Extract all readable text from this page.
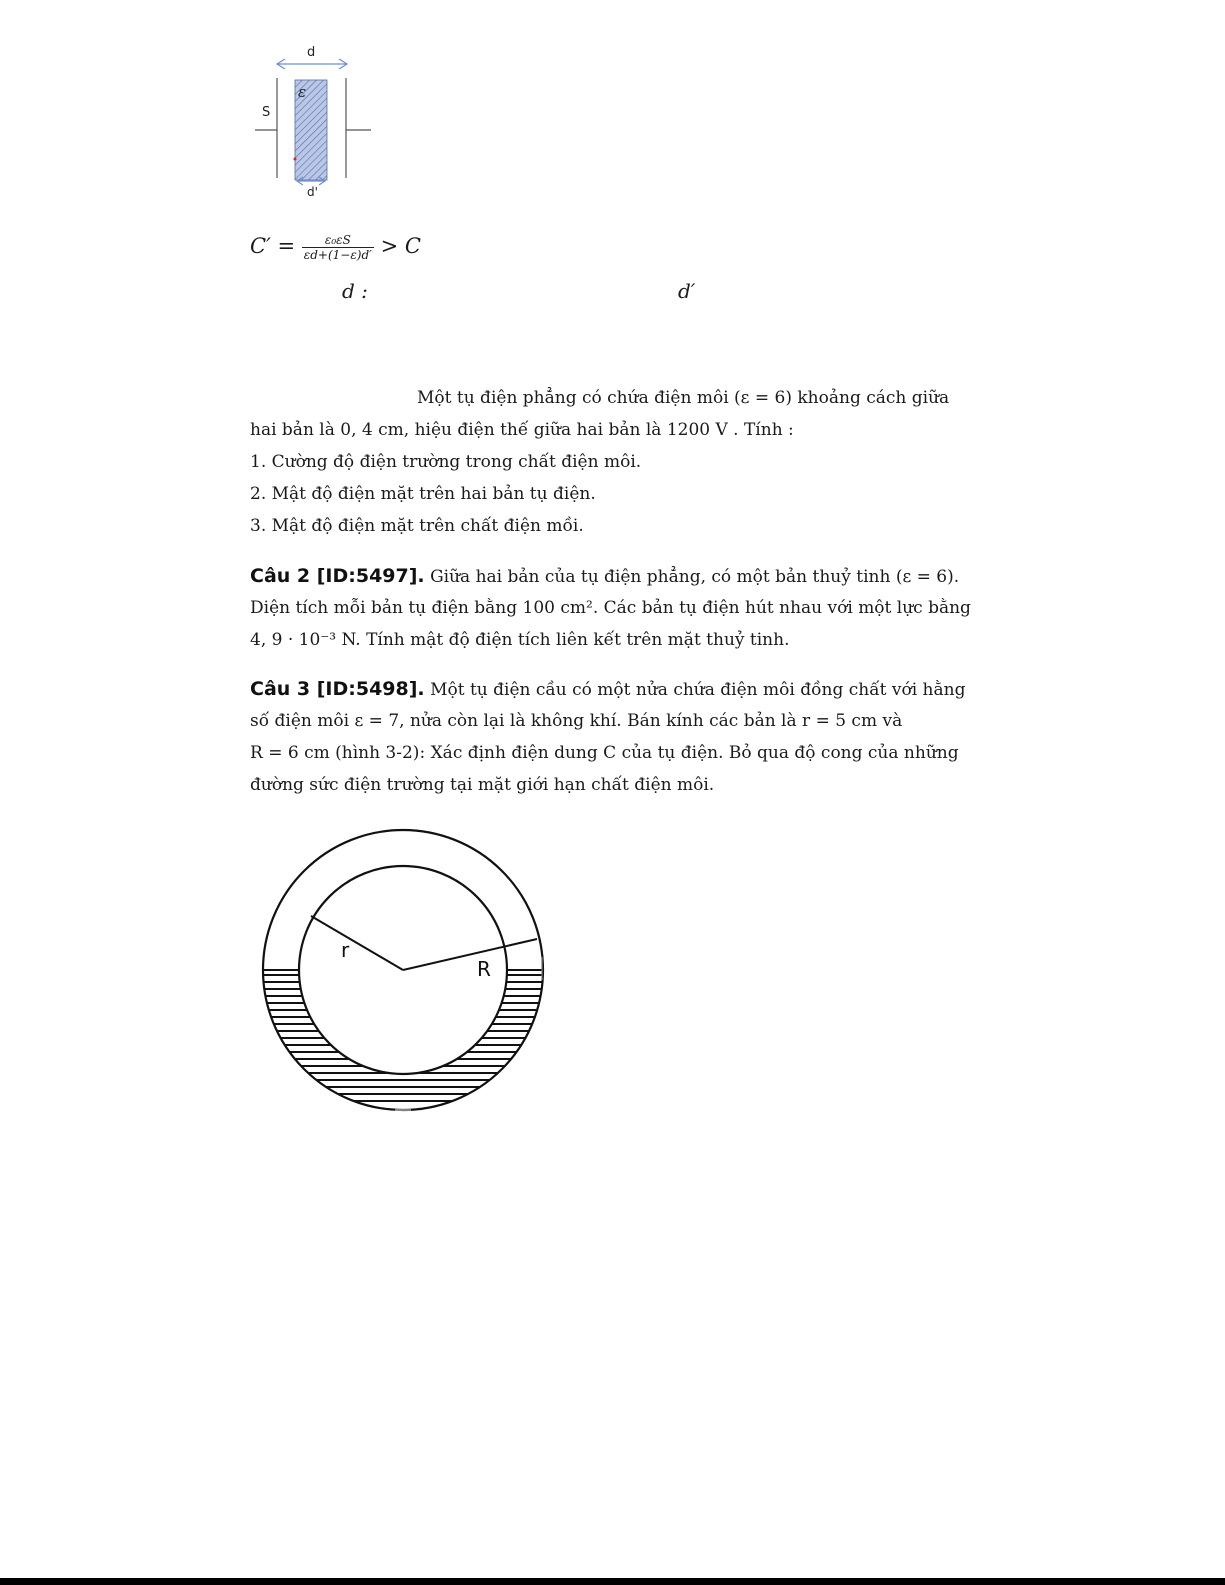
d
S
ε
d'
$C' = \frac{\text{ε₀εS}}{\varepsilon d+(1-\varepsilon)d'} > C$
d :	d′
Một tụ điện phẳng có chứa điện môi (ε = 6) khoảng cách giữa
hai bản là 0, 4 cm, hiệu điện thế giữa hai bản là 1200 V . Tính :
1. Cường độ điện trường trong chất điện môi.
2. Mật độ điện mặt trên hai bản tụ điện.
3. Mật độ điện mặt trên chất điện mồi.
Câu 2 [ID:5497]. Giữa hai bản của tụ điện phẳng, có một bản thuỷ tinh (ε = 6).
Diện tích mỗi bản tụ điện bằng 100 cm². Các bản tụ điện hút nhau với một lực bằng
4, 9 · 10⁻³ N. Tính mật độ điện tích liên kết trên mặt thuỷ tinh.
Câu 3 [ID:5498]. Một tụ điện cầu có một nửa chứa điện môi đồng chất với hằng
số điện môi ε = 7, nửa còn lại là không khí. Bán kính các bản là r = 5 cm và
R = 6 cm (hình 3-2): Xác định điện dung C của tụ điện. Bỏ qua độ cong của những
đường sức điện trường tại mặt giới hạn chất điện môi.
r
R
